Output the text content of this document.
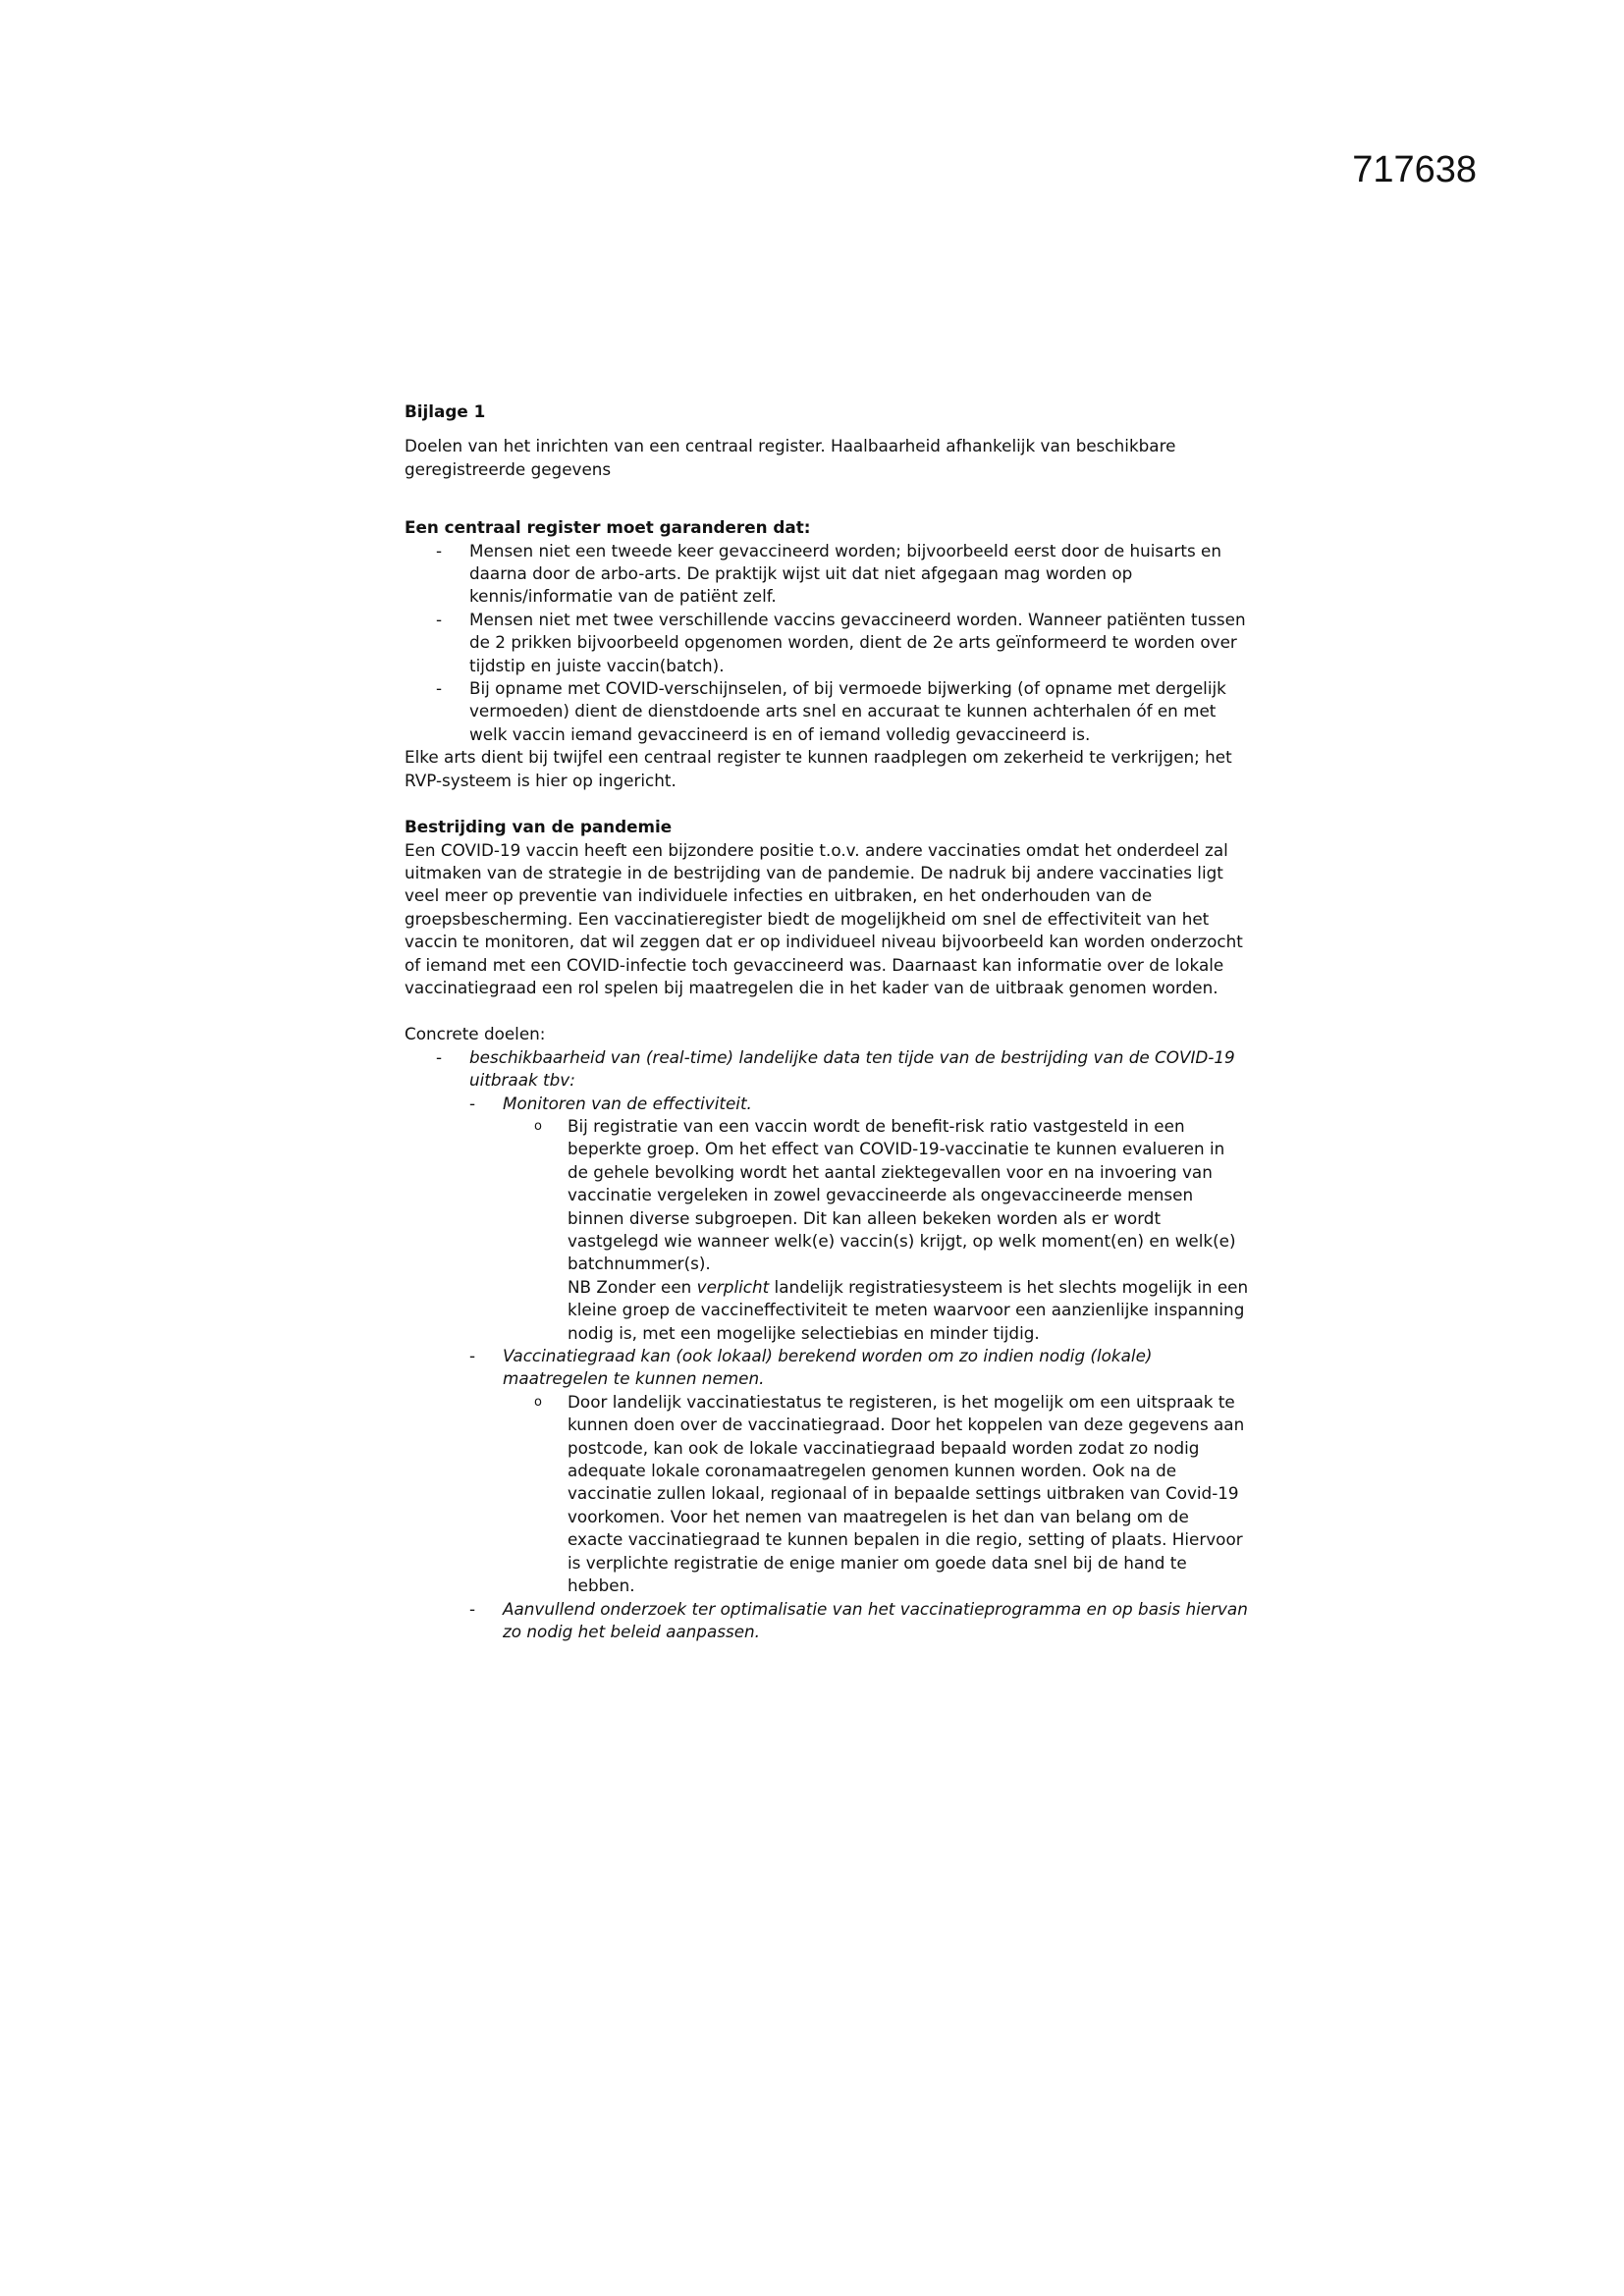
717638

Bijlage 1

Doelen van het inrichten van een centraal register. Haalbaarheid afhankelijk van beschikbare geregistreerde gegevens

Een centraal register moet garanderen dat:

- Mensen niet een tweede keer gevaccineerd worden; bijvoorbeeld eerst door de huisarts en daarna door de arbo-arts. De praktijk wijst uit dat niet afgegaan mag worden op kennis/informatie van de patiënt zelf.
- Mensen niet met twee verschillende vaccins gevaccineerd worden. Wanneer patiënten tussen de 2 prikken bijvoorbeeld opgenomen worden, dient de 2e arts geïnformeerd te worden over tijdstip en juiste vaccin(batch).
- Bij opname met COVID-verschijnselen, of bij vermoede bijwerking (of opname met dergelijk vermoeden) dient de dienstdoende arts snel en accuraat te kunnen achterhalen óf en met welk vaccin iemand gevaccineerd is en of iemand volledig gevaccineerd is.

Elke arts dient bij twijfel een centraal register te kunnen raadplegen om zekerheid te verkrijgen; het RVP-systeem is hier op ingericht.

Bestrijding van de pandemie

Een COVID-19 vaccin heeft een bijzondere positie t.o.v. andere vaccinaties omdat het onderdeel zal uitmaken van de strategie in de bestrijding van de pandemie. De nadruk bij andere vaccinaties ligt veel meer op preventie van individuele infecties en uitbraken, en het onderhouden van de groepsbescherming. Een vaccinatieregister biedt de mogelijkheid om snel de effectiviteit van het vaccin te monitoren, dat wil zeggen dat er op individueel niveau bijvoorbeeld kan worden onderzocht of iemand met een COVID-infectie toch gevaccineerd was. Daarnaast kan informatie over de lokale vaccinatiegraad een rol spelen bij maatregelen die in het kader van de uitbraak genomen worden.

Concrete doelen:

- beschikbaarheid van (real-time) landelijke data ten tijde van de bestrijding van de COVID-19 uitbraak tbv:
- Monitoren van de effectiviteit.
o Bij registratie van een vaccin wordt de benefit-risk ratio vastgesteld in een beperkte groep. Om het effect van COVID-19-vaccinatie te kunnen evalueren in de gehele bevolking wordt het aantal ziektegevallen voor en na invoering van vaccinatie vergeleken in zowel gevaccineerde als ongevaccineerde mensen binnen diverse subgroepen. Dit kan alleen bekeken worden als er wordt vastgelegd wie wanneer welk(e) vaccin(s) krijgt, op welk moment(en) en welk(e) batchnummer(s).
NB Zonder een verplicht landelijk registratiesysteem is het slechts mogelijk in een kleine groep de vaccineffectiviteit te meten waarvoor een aanzienlijke inspanning nodig is, met een mogelijke selectiebias en minder tijdig.
- Vaccinatiegraad kan (ook lokaal) berekend worden om zo indien nodig (lokale) maatregelen te kunnen nemen.
o Door landelijk vaccinatiestatus te registeren, is het mogelijk om een uitspraak te kunnen doen over de vaccinatiegraad. Door het koppelen van deze gegevens aan postcode, kan ook de lokale vaccinatiegraad bepaald worden zodat zo nodig adequate lokale coronamaatregelen genomen kunnen worden. Ook na de vaccinatie zullen lokaal, regionaal of in bepaalde settings uitbraken van Covid-19 voorkomen. Voor het nemen van maatregelen is het dan van belang om de exacte vaccinatiegraad te kunnen bepalen in die regio, setting of plaats. Hiervoor is verplichte registratie de enige manier om goede data snel bij de hand te hebben.
- Aanvullend onderzoek ter optimalisatie van het vaccinatieprogramma en op basis hiervan zo nodig het beleid aanpassen.
